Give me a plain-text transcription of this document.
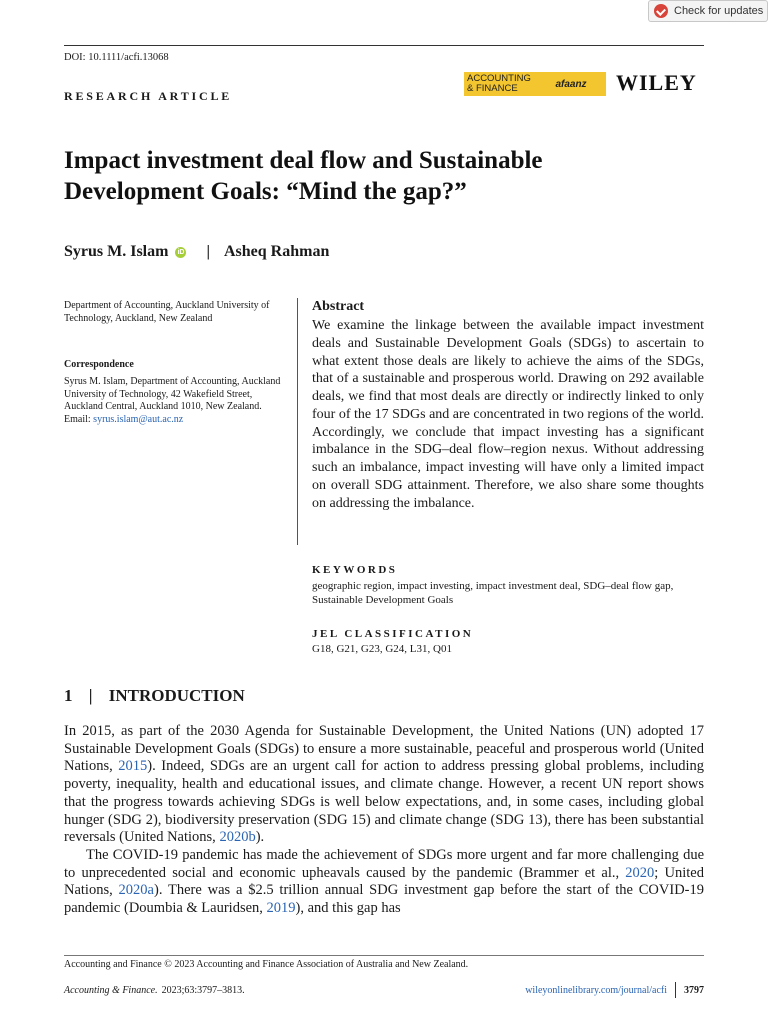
Check for updates
DOI: 10.1111/acfi.13068
RESEARCH ARTICLE
ACCOUNTING
& FINANCE	afaanz	WILEY
Impact investment deal flow and Sustainable
Development Goals: “Mind the gap?”
Syrus M. Islam iD | Asheq Rahman
Department of Accounting, Auckland University of Technology, Auckland, New Zealand
Correspondence
Syrus M. Islam, Department of Accounting, Auckland University of Technology, 42 Wakefield Street, Auckland Central, Auckland 1010, New Zealand.
Email: syrus.islam@aut.ac.nz
Abstract
We examine the linkage between the available impact investment deals and Sustainable Development Goals (SDGs) to ascertain to what extent those deals are likely to achieve the aims of the SDGs, that of a sustainable and prosperous world. Drawing on 292 available deals, we find that most deals are directly or indirectly linked to only four of the 17 SDGs and are concentrated in two regions of the world. Accordingly, we conclude that impact investing has a significant imbalance in the SDG–deal flow–region nexus. Without addressing such an imbalance, impact investing will have only a limited impact on overall SDG attainment. Therefore, we also share some thoughts on addressing the imbalance.
KEYWORDS
geographic region, impact investing, impact investment deal, SDG–deal flow gap, Sustainable Development Goals
JEL CLASSIFICATION
G18, G21, G23, G24, L31, Q01
1 | INTRODUCTION

In 2015, as part of the 2030 Agenda for Sustainable Development, the United Nations (UN) adopted 17 Sustainable Development Goals (SDGs) to ensure a more sustainable, peaceful and prosperous world (United Nations, 2015). Indeed, SDGs are an urgent call for action to address pressing global problems, including poverty, inequality, health and educational issues, and climate change. However, a recent UN report shows that the progress towards achieving SDGs is well below expectations, and, in some cases, including global hunger (SDG 2), biodiversity preservation (SDG 15) and climate change (SDG 13), there has been substantial reversals (United Nations, 2020b).

The COVID-19 pandemic has made the achievement of SDGs more urgent and far more challenging due to unprecedented social and economic upheavals caused by the pandemic (Brammer et al., 2020; United Nations, 2020a). There was a $2.5 trillion annual SDG investment gap before the start of the COVID-19 pandemic (Doumbia & Lauridsen, 2019), and this gap has

Accounting and Finance © 2023 Accounting and Finance Association of Australia and New Zealand.
Accounting & Finance. 2023;63:3797–3813.	wileyonlinelibrary.com/journal/acfi 3797
